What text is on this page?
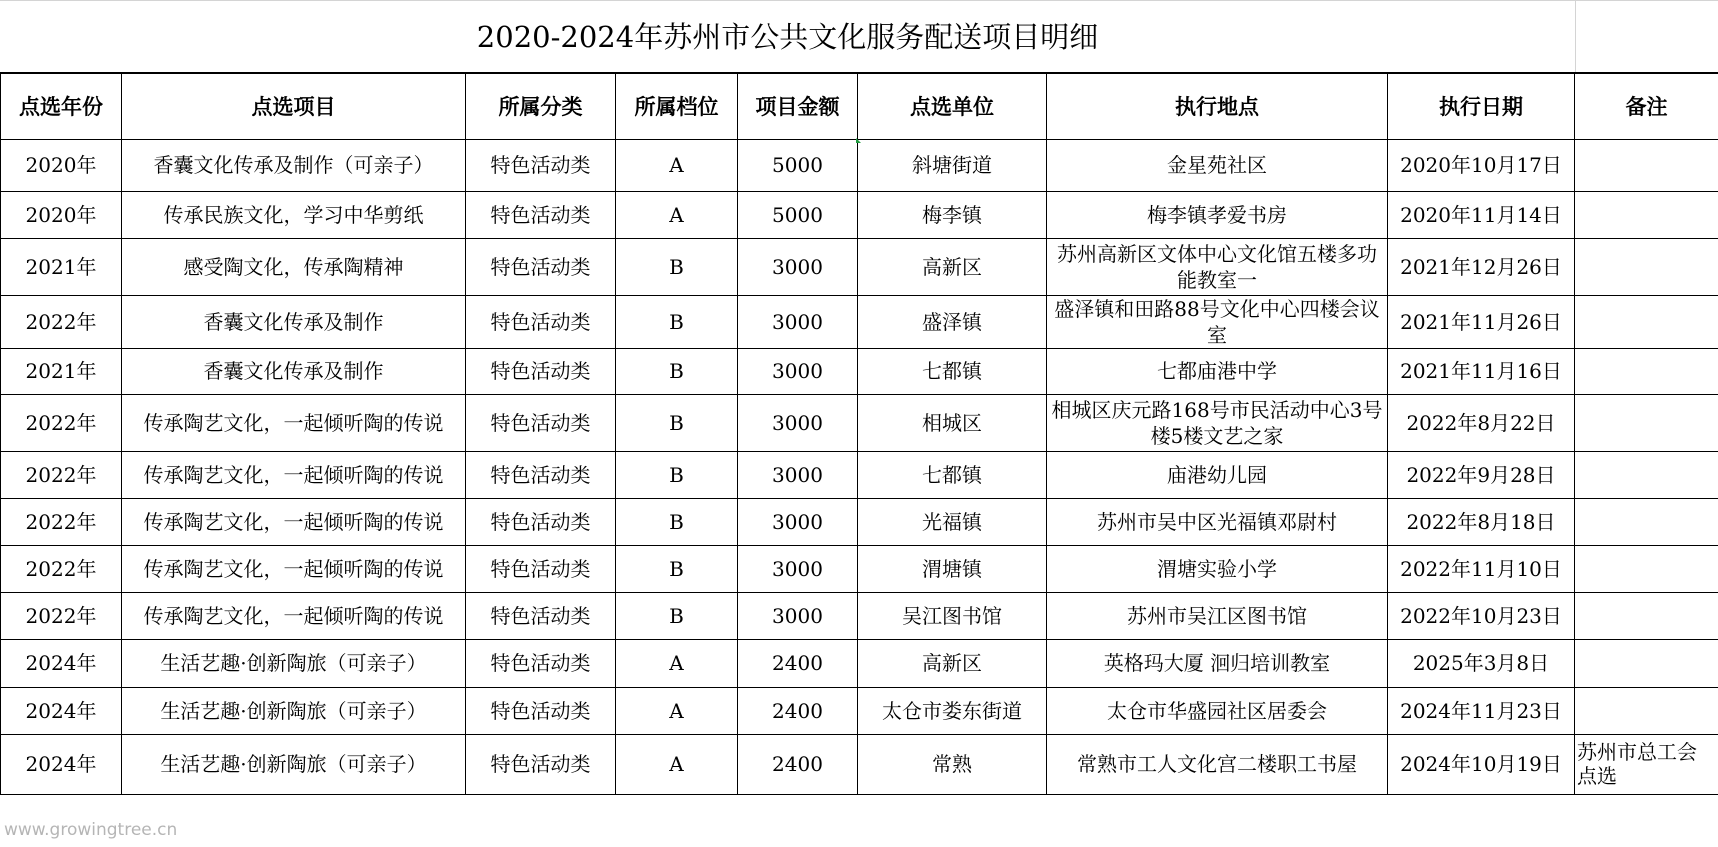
2020-2024年苏州市公共文化服务配送项目明细
点选年份	点选项目	所属分类	所属档位	项目金额	点选单位	执行地点	执行日期	备注
2020年	香囊文化传承及制作（可亲子）	特色活动类	A	5000	斜塘街道	金星苑社区	2020年10月17日	
2020年	传承民族文化，学习中华剪纸	特色活动类	A	5000	梅李镇	梅李镇孝爱书房	2020年11月14日	
2021年	感受陶文化，传承陶精神	特色活动类	B	3000	高新区	苏州高新区文体中心文化馆五楼多功能教室一	2021年12月26日	
2022年	香囊文化传承及制作	特色活动类	B	3000	盛泽镇	盛泽镇和田路88号文化中心四楼会议室	2021年11月26日	
2021年	香囊文化传承及制作	特色活动类	B	3000	七都镇	七都庙港中学	2021年11月16日	
2022年	传承陶艺文化，一起倾听陶的传说	特色活动类	B	3000	相城区	相城区庆元路168号市民活动中心3号楼5楼文艺之家	2022年8月22日	
2022年	传承陶艺文化，一起倾听陶的传说	特色活动类	B	3000	七都镇	庙港幼儿园	2022年9月28日	
2022年	传承陶艺文化，一起倾听陶的传说	特色活动类	B	3000	光福镇	苏州市吴中区光福镇邓尉村	2022年8月18日	
2022年	传承陶艺文化，一起倾听陶的传说	特色活动类	B	3000	渭塘镇	渭塘实验小学	2022年11月10日	
2022年	传承陶艺文化，一起倾听陶的传说	特色活动类	B	3000	吴江图书馆	苏州市吴江区图书馆	2022年10月23日	
2024年	生活艺趣·创新陶旅（可亲子）	特色活动类	A	2400	高新区	英格玛大厦 洄归培训教室	2025年3月8日	
2024年	生活艺趣·创新陶旅（可亲子）	特色活动类	A	2400	太仓市娄东街道	太仓市华盛园社区居委会	2024年11月23日	
2024年	生活艺趣·创新陶旅（可亲子）	特色活动类	A	2400	常熟	常熟市工人文化宫二楼职工书屋	2024年10月19日	苏州市总工会点选
www.growingtree.cn
